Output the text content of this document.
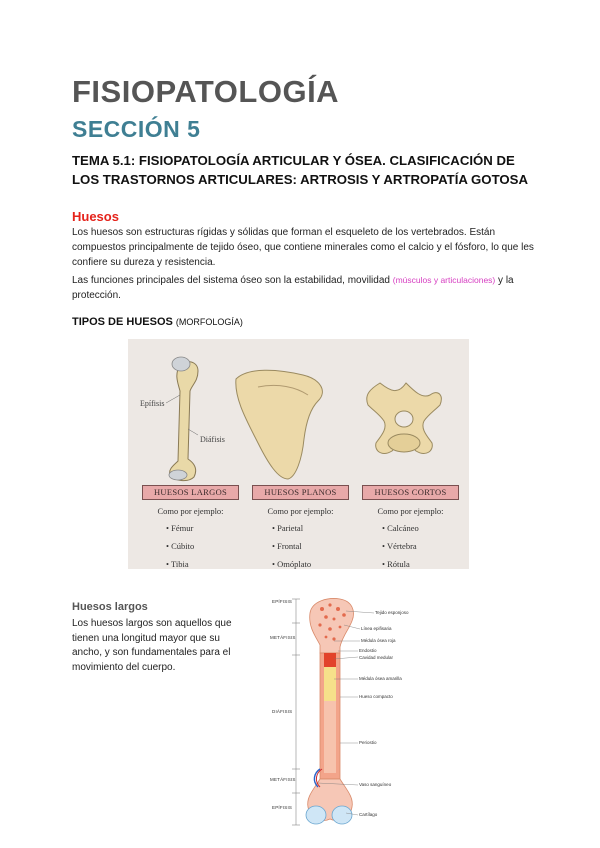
FISIOPATOLOGÍA
SECCIÓN 5
TEMA 5.1: FISIOPATOLOGÍA ARTICULAR Y ÓSEA. CLASIFICACIÓN DE LOS TRASTORNOS ARTICULARES: ARTROSIS Y ARTROPATÍA GOTOSA
Huesos

Los huesos son estructuras rígidas y sólidas que forman el esqueleto de los vertebrados. Están compuestos principalmente de tejido óseo, que contiene minerales como el calcio y el fósforo, lo que les confiere su dureza y resistencia.

Las funciones principales del sistema óseo son la estabilidad, movilidad (músculos y articulaciones) y la protección.

TIPOS DE HUESOS (MORFOLOGÍA)
Epífisis
Diáfisis
HUESOS LARGOS	HUESOS PLANOS	HUESOS CORTOS
Como por ejemplo:	Como por ejemplo:	Como por ejemplo:
• Fémur
• Cúbito
• Tibia
• Parietal
• Frontal
• Omóplato
• Calcáneo
• Vértebra
• Rótula
Huesos largos

Los huesos largos son aquellos que tienen una longitud mayor que su ancho, y son fundamentales para el movimiento del cuerpo.

EPÍFISIS
METÁFISIS
DIÁFISIS
METÁFISIS
EPÍFISIS
Tejido esponjoso
Línea epifisaria
Médula ósea roja
Endostio
Cavidad medular
Médula ósea amarilla
Hueso compacto
Periostio
Vaso sanguíneo
Cartílago
